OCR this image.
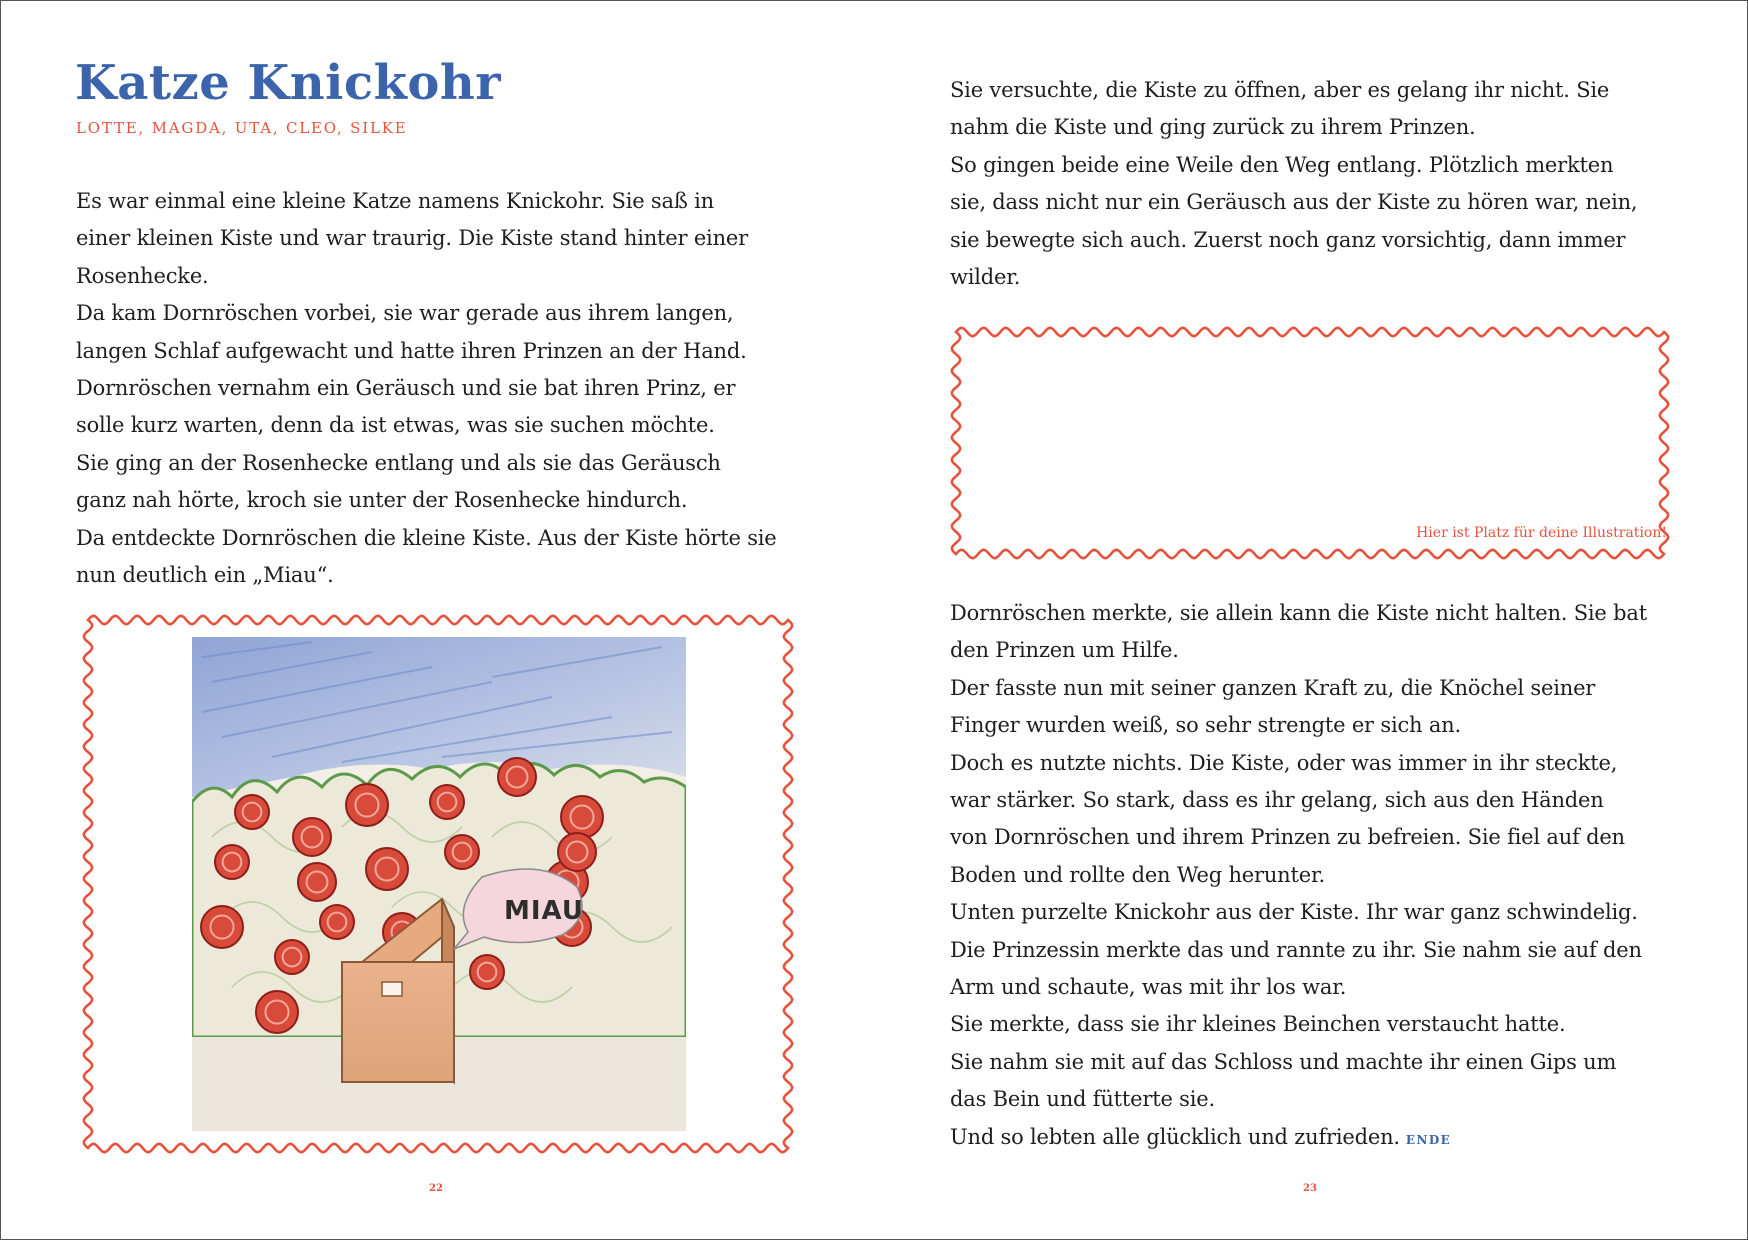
Katze Knickohr
LOTTE, MAGDA, UTA, CLEO, SILKE
Es war einmal eine kleine Katze namens Knickohr. Sie saß in
einer kleinen Kiste und war traurig. Die Kiste stand hinter einer
Rosenhecke.
Da kam Dornröschen vorbei, sie war gerade aus ihrem langen,
langen Schlaf aufgewacht und hatte ihren Prinzen an der Hand.
Dornröschen vernahm ein Geräusch und sie bat ihren Prinz, er
solle kurz warten, denn da ist etwas, was sie suchen möchte.
Sie ging an der Rosenhecke entlang und als sie das Geräusch
ganz nah hörte, kroch sie unter der Rosenhecke hindurch.
Da entdeckte Dornröschen die kleine Kiste. Aus der Kiste hörte sie
nun deutlich ein „Miau“.
MIAU
22
Sie versuchte, die Kiste zu öffnen, aber es gelang ihr nicht. Sie
nahm die Kiste und ging zurück zu ihrem Prinzen.
So gingen beide eine Weile den Weg entlang. Plötzlich merkten
sie, dass nicht nur ein Geräusch aus der Kiste zu hören war, nein,
sie bewegte sich auch. Zuerst noch ganz vorsichtig, dann immer
wilder.
Hier ist Platz für deine Illustration!
Dornröschen merkte, sie allein kann die Kiste nicht halten. Sie bat
den Prinzen um Hilfe.
Der fasste nun mit seiner ganzen Kraft zu, die Knöchel seiner
Finger wurden weiß, so sehr strengte er sich an.
Doch es nutzte nichts. Die Kiste, oder was immer in ihr steckte,
war stärker. So stark, dass es ihr gelang, sich aus den Händen
von Dornröschen und ihrem Prinzen zu befreien. Sie fiel auf den
Boden und rollte den Weg herunter.
Unten purzelte Knickohr aus der Kiste. Ihr war ganz schwindelig.
Die Prinzessin merkte das und rannte zu ihr. Sie nahm sie auf den
Arm und schaute, was mit ihr los war.
Sie merkte, dass sie ihr kleines Beinchen verstaucht hatte.
Sie nahm sie mit auf das Schloss und machte ihr einen Gips um
das Bein und fütterte sie.
Und so lebten alle glücklich und zufrieden. ENDE
23
